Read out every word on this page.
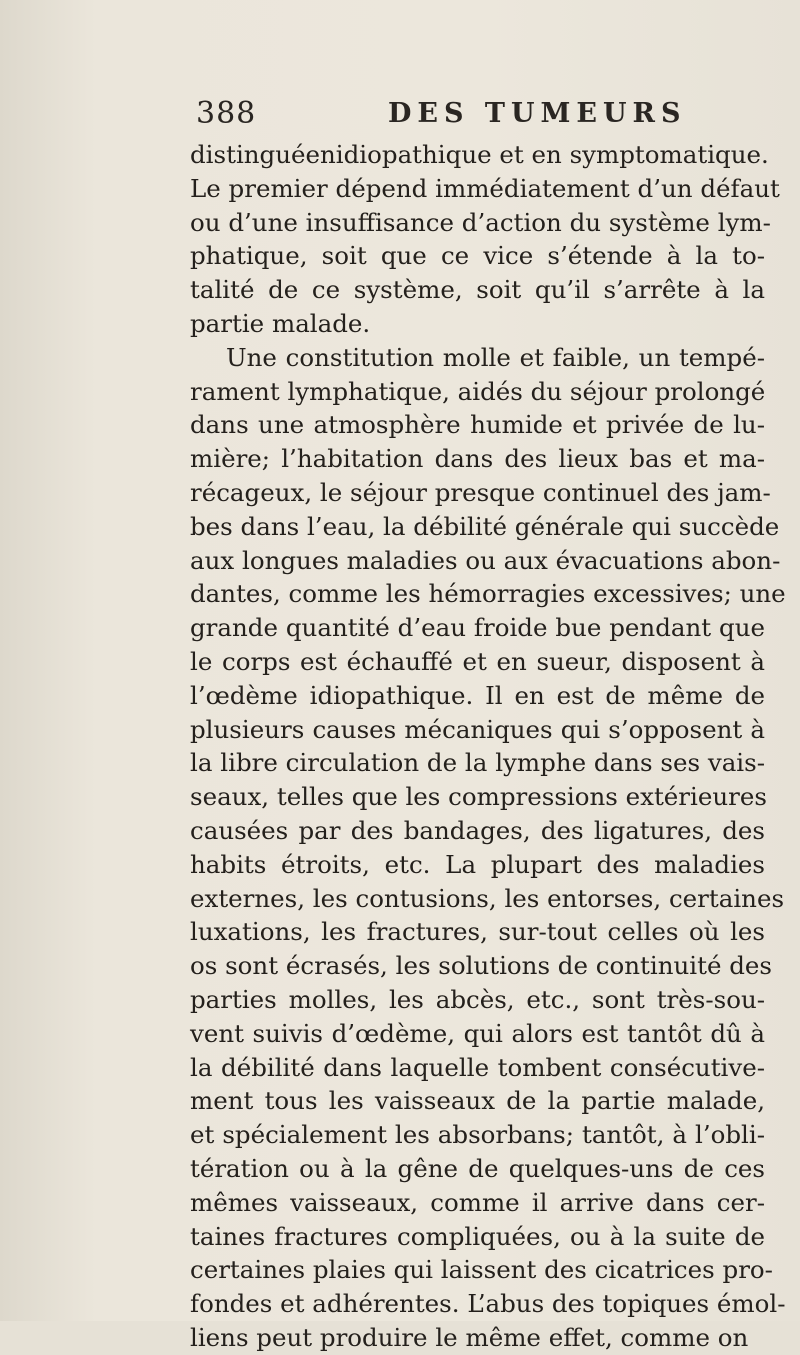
388	DES TUMEURS
distinguéenidiopathique et en symptomatique.
Le premier dépend immédiatement d’un défaut
ou d’une insuffisance d’action du système lym-
phatique, soit que ce vice s’étende à la to-
talité de ce système, soit qu’il s’arrête à la
partie malade.
Une constitution molle et faible, un tempé-
rament lymphatique, aidés du séjour prolongé
dans une atmosphère humide et privée de lu-
mière; l’habitation dans des lieux bas et ma-
récageux, le séjour presque continuel des jam-
bes dans l’eau, la débilité générale qui succède
aux longues maladies ou aux évacuations abon-
dantes, comme les hémorragies excessives; une
grande quantité d’eau froide bue pendant que
le corps est échauffé et en sueur, disposent à
l’œdème idiopathique. Il en est de même de
plusieurs causes mécaniques qui s’opposent à
la libre circulation de la lymphe dans ses vais-
seaux, telles que les compressions extérieures
causées par des bandages, des ligatures, des
habits étroits, etc. La plupart des maladies
externes, les contusions, les entorses, certaines
luxations, les fractures, sur-tout celles où les
os sont écrasés, les solutions de continuité des
parties molles, les abcès, etc., sont très-sou-
vent suivis d’œdème, qui alors est tantôt dû à
la débilité dans laquelle tombent consécutive-
ment tous les vaisseaux de la partie malade,
et spécialement les absorbans; tantôt, à l’obli-
tération ou à la gêne de quelques-uns de ces
mêmes vaisseaux, comme il arrive dans cer-
taines fractures compliquées, ou à la suite de
certaines plaies qui laissent des cicatrices pro-
fondes et adhérentes. L’abus des topiques émol-
liens peut produire le même effet, comme on
